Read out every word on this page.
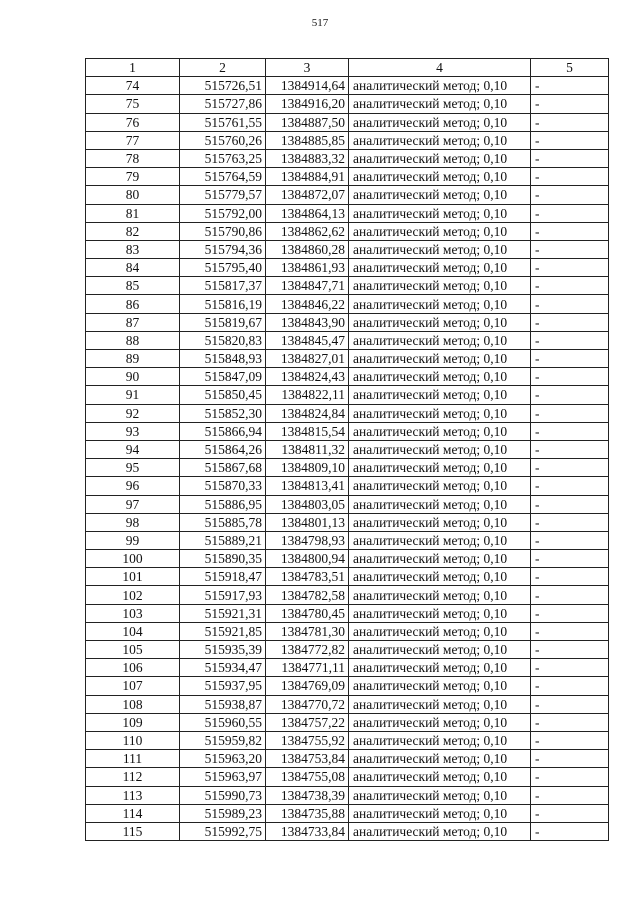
517
1	2	3	4	5
74	515726,51	1384914,64	аналитический метод; 0,10	-
75	515727,86	1384916,20	аналитический метод; 0,10	-
76	515761,55	1384887,50	аналитический метод; 0,10	-
77	515760,26	1384885,85	аналитический метод; 0,10	-
78	515763,25	1384883,32	аналитический метод; 0,10	-
79	515764,59	1384884,91	аналитический метод; 0,10	-
80	515779,57	1384872,07	аналитический метод; 0,10	-
81	515792,00	1384864,13	аналитический метод; 0,10	-
82	515790,86	1384862,62	аналитический метод; 0,10	-
83	515794,36	1384860,28	аналитический метод; 0,10	-
84	515795,40	1384861,93	аналитический метод; 0,10	-
85	515817,37	1384847,71	аналитический метод; 0,10	-
86	515816,19	1384846,22	аналитический метод; 0,10	-
87	515819,67	1384843,90	аналитический метод; 0,10	-
88	515820,83	1384845,47	аналитический метод; 0,10	-
89	515848,93	1384827,01	аналитический метод; 0,10	-
90	515847,09	1384824,43	аналитический метод; 0,10	-
91	515850,45	1384822,11	аналитический метод; 0,10	-
92	515852,30	1384824,84	аналитический метод; 0,10	-
93	515866,94	1384815,54	аналитический метод; 0,10	-
94	515864,26	1384811,32	аналитический метод; 0,10	-
95	515867,68	1384809,10	аналитический метод; 0,10	-
96	515870,33	1384813,41	аналитический метод; 0,10	-
97	515886,95	1384803,05	аналитический метод; 0,10	-
98	515885,78	1384801,13	аналитический метод; 0,10	-
99	515889,21	1384798,93	аналитический метод; 0,10	-
100	515890,35	1384800,94	аналитический метод; 0,10	-
101	515918,47	1384783,51	аналитический метод; 0,10	-
102	515917,93	1384782,58	аналитический метод; 0,10	-
103	515921,31	1384780,45	аналитический метод; 0,10	-
104	515921,85	1384781,30	аналитический метод; 0,10	-
105	515935,39	1384772,82	аналитический метод; 0,10	-
106	515934,47	1384771,11	аналитический метод; 0,10	-
107	515937,95	1384769,09	аналитический метод; 0,10	-
108	515938,87	1384770,72	аналитический метод; 0,10	-
109	515960,55	1384757,22	аналитический метод; 0,10	-
110	515959,82	1384755,92	аналитический метод; 0,10	-
111	515963,20	1384753,84	аналитический метод; 0,10	-
112	515963,97	1384755,08	аналитический метод; 0,10	-
113	515990,73	1384738,39	аналитический метод; 0,10	-
114	515989,23	1384735,88	аналитический метод; 0,10	-
115	515992,75	1384733,84	аналитический метод; 0,10	-
